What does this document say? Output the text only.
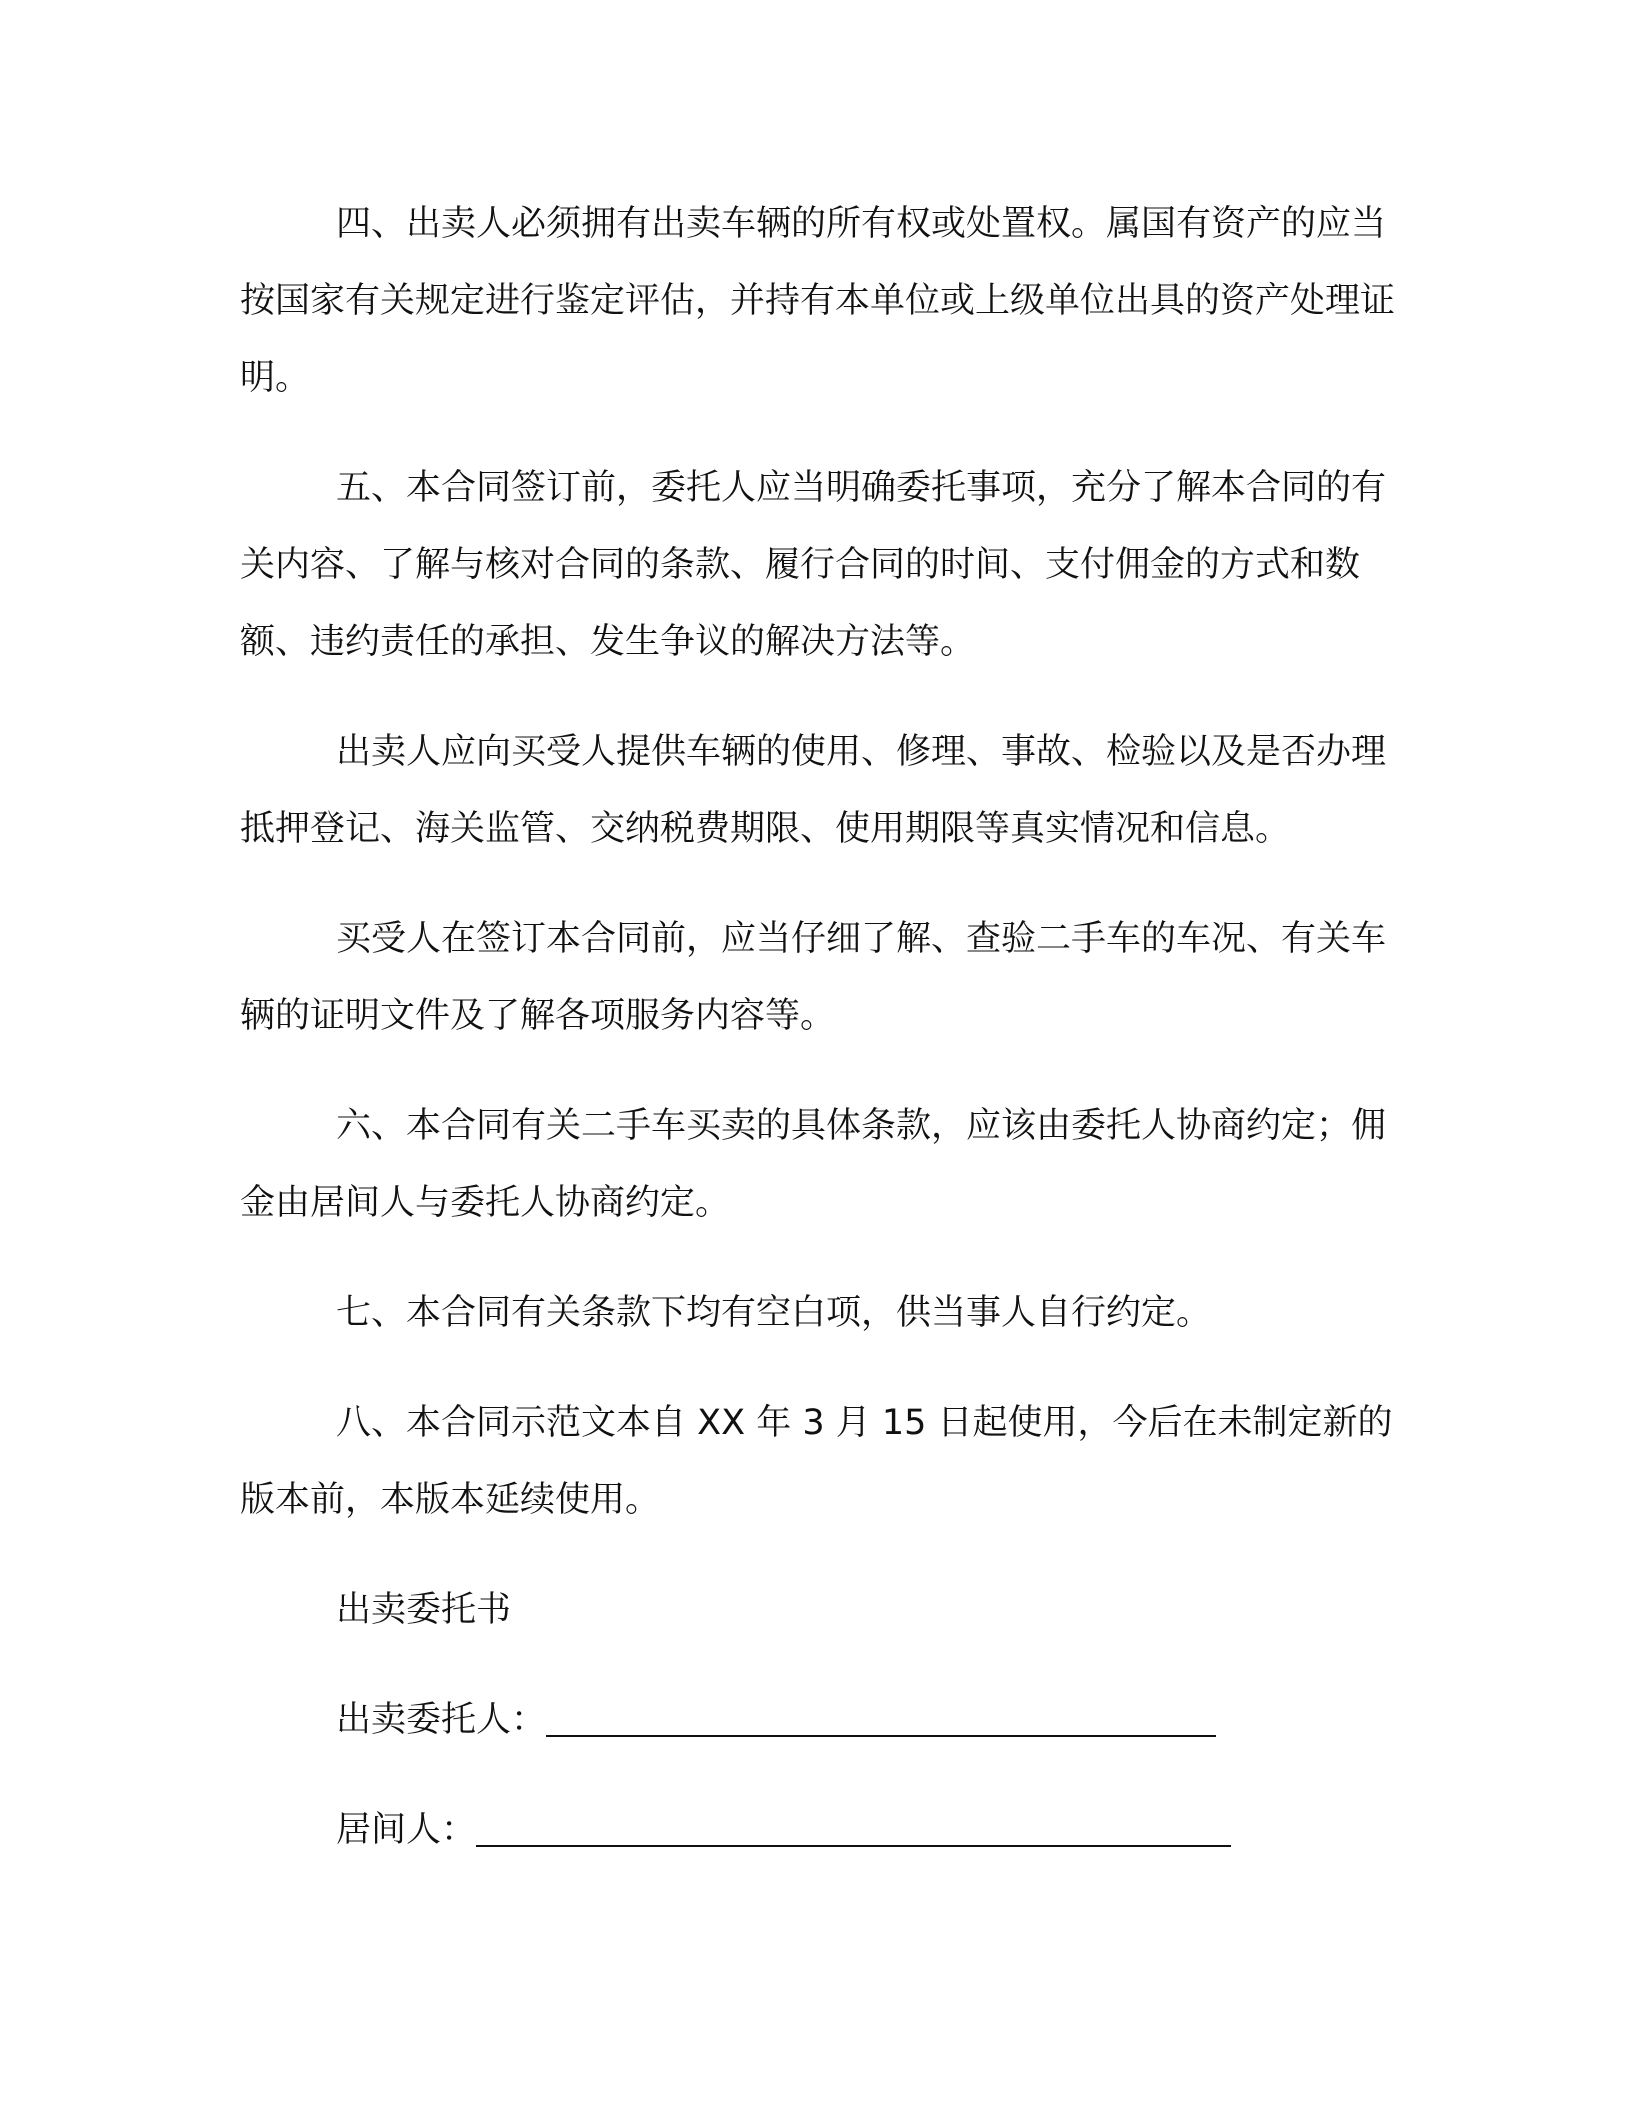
四、出卖人必须拥有出卖车辆的所有权或处置权。属国有资产的应当按国家有关规定进行鉴定评估，并持有本单位或上级单位出具的资产处理证明。

五、本合同签订前，委托人应当明确委托事项，充分了解本合同的有关内容、了解与核对合同的条款、履行合同的时间、支付佣金的方式和数额、违约责任的承担、发生争议的解决方法等。

出卖人应向买受人提供车辆的使用、修理、事故、检验以及是否办理抵押登记、海关监管、交纳税费期限、使用期限等真实情况和信息。

买受人在签订本合同前，应当仔细了解、查验二手车的车况、有关车辆的证明文件及了解各项服务内容等。

六、本合同有关二手车买卖的具体条款，应该由委托人协商约定；佣金由居间人与委托人协商约定。

七、本合同有关条款下均有空白项，供当事人自行约定。

八、本合同示范文本自 XX 年 3 月 15 日起使用，今后在未制定新的版本前，本版本延续使用。

出卖委托书
出卖委托人：
居间人：
